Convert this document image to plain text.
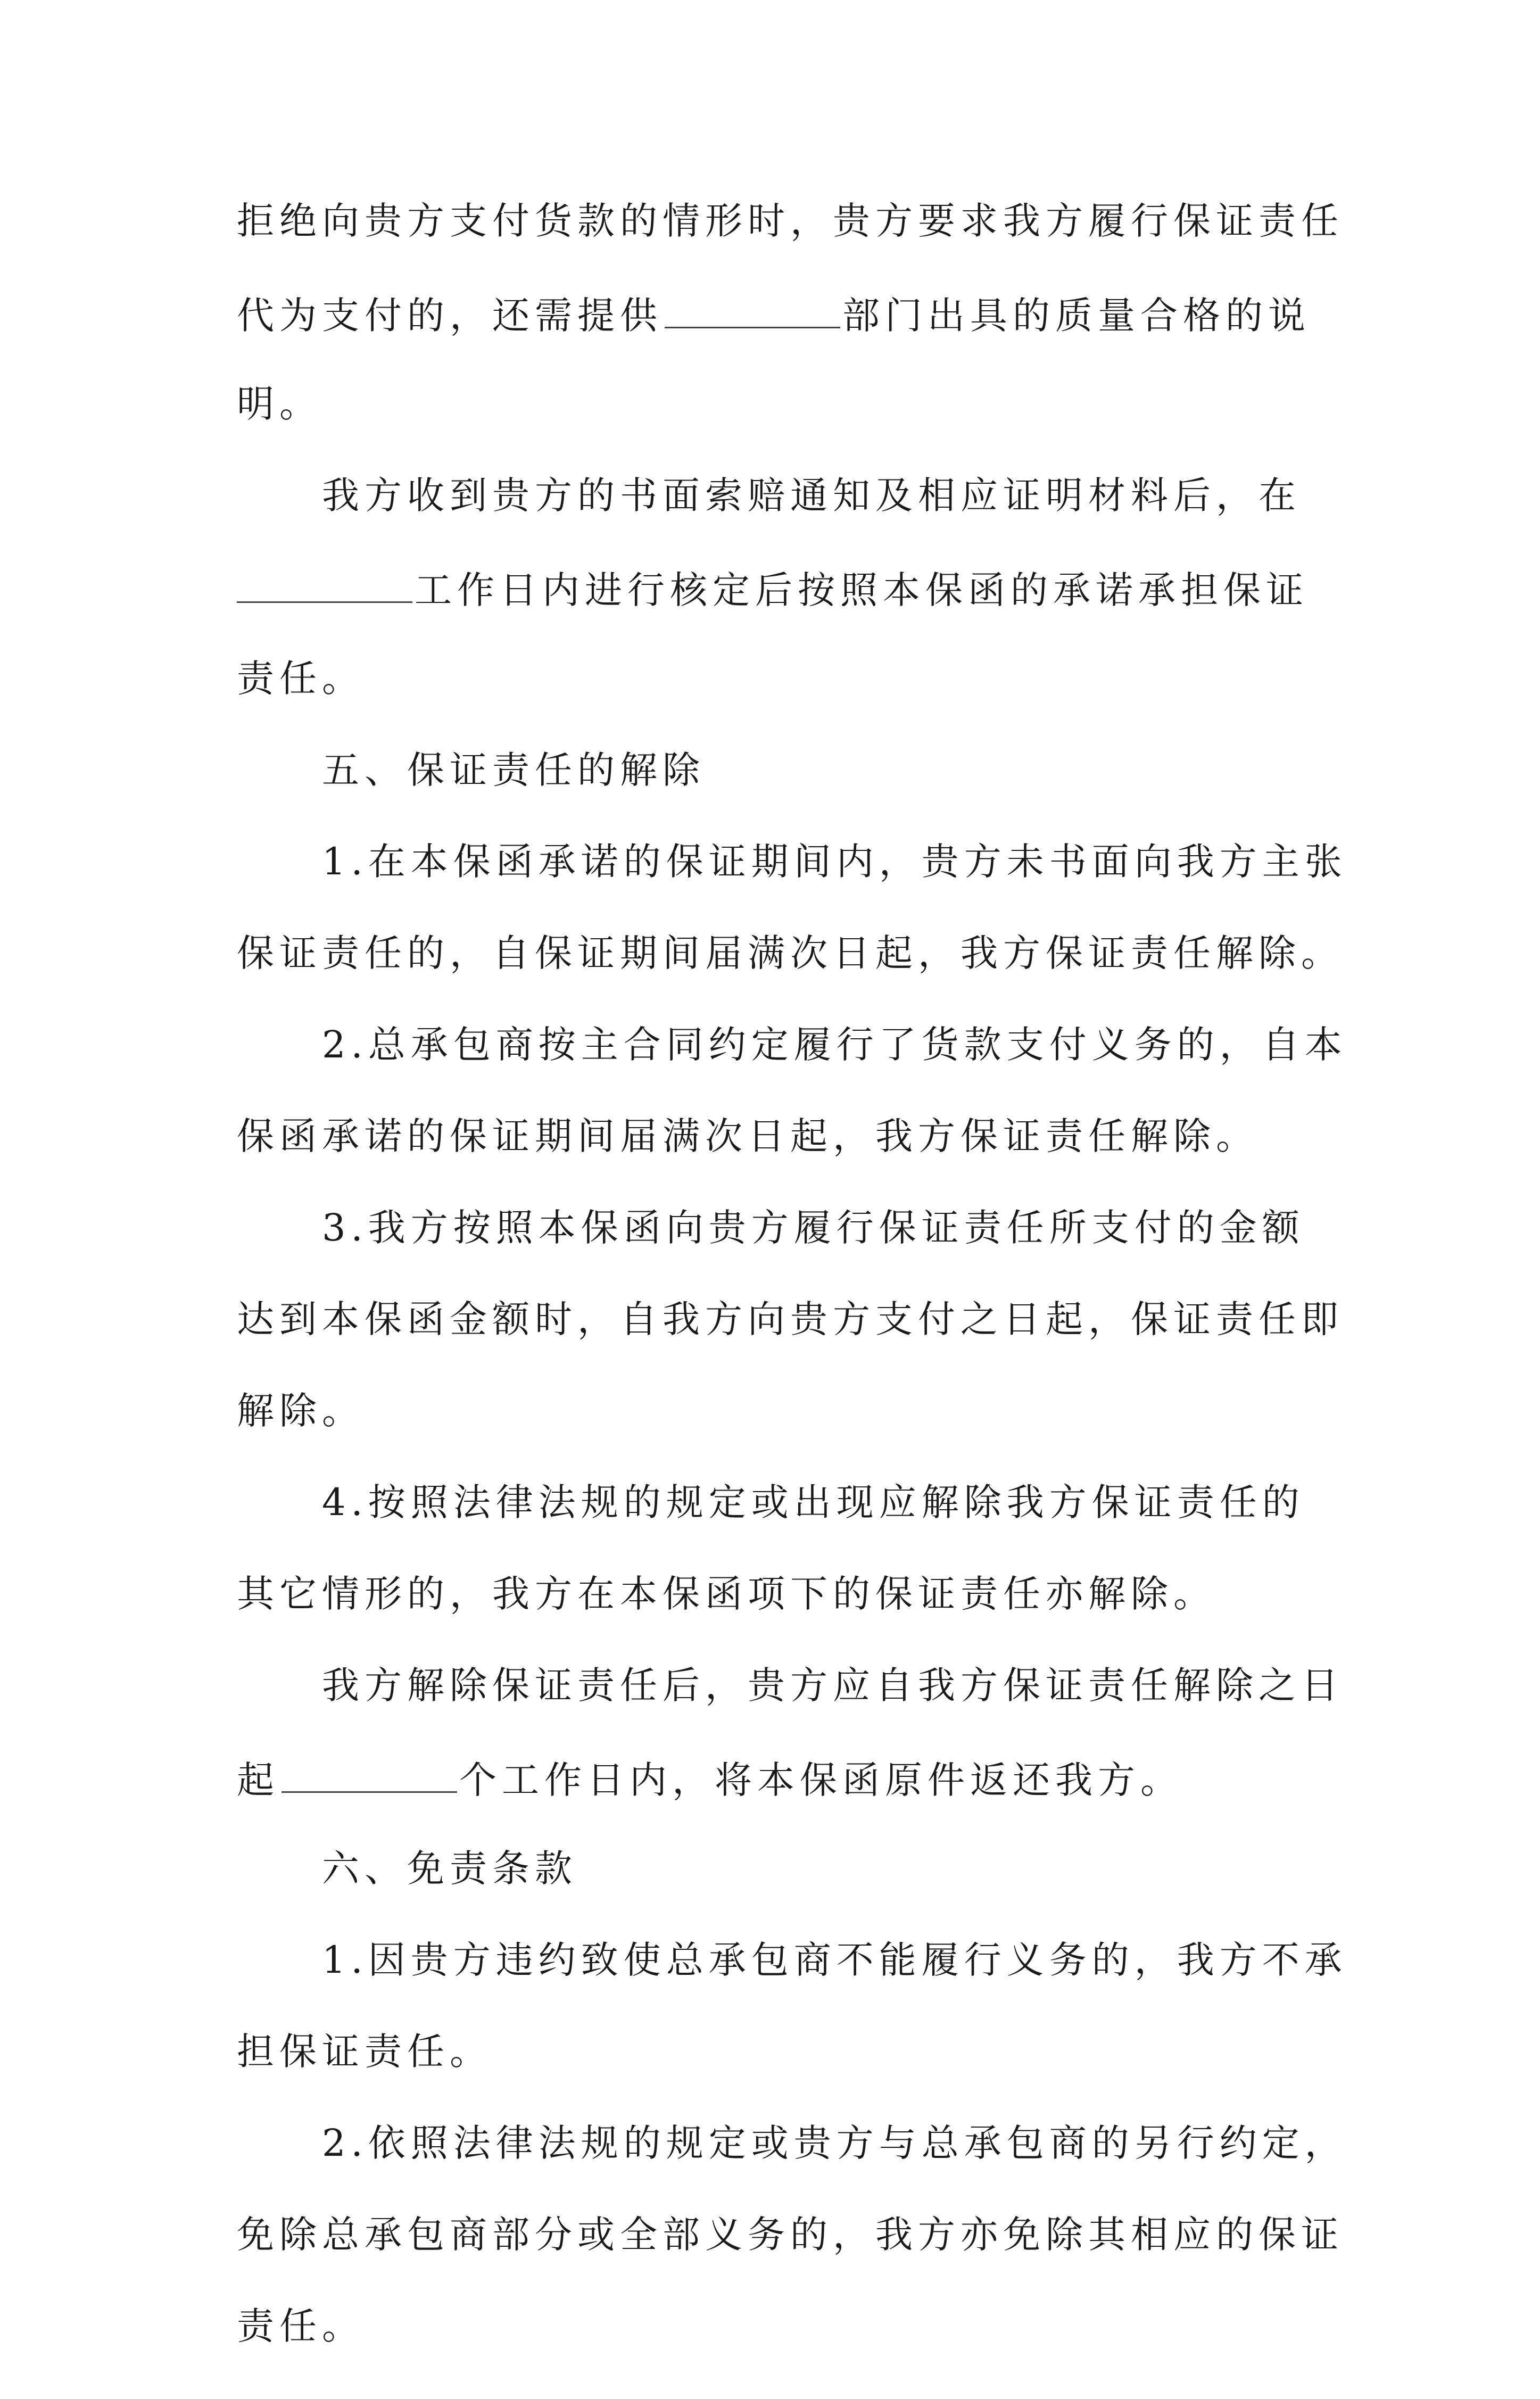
拒绝向贵方支付货款的情形时，贵方要求我方履行保证责任
代为支付的，还需提供	部门出具的质量合格的说
明。
我方收到贵方的书面索赔通知及相应证明材料后，在
工作日内进行核定后按照本保函的承诺承担保证
责任。
五、保证责任的解除
1.在本保函承诺的保证期间内，贵方未书面向我方主张
保证责任的，自保证期间届满次日起，我方保证责任解除。
2.总承包商按主合同约定履行了货款支付义务的，自本
保函承诺的保证期间届满次日起，我方保证责任解除。
3.我方按照本保函向贵方履行保证责任所支付的金额
达到本保函金额时，自我方向贵方支付之日起，保证责任即
解除。
4.按照法律法规的规定或出现应解除我方保证责任的
其它情形的，我方在本保函项下的保证责任亦解除。
我方解除保证责任后，贵方应自我方保证责任解除之日
起	个工作日内，将本保函原件返还我方。
六、免责条款
1.因贵方违约致使总承包商不能履行义务的，我方不承
担保证责任。
2.依照法律法规的规定或贵方与总承包商的另行约定，
免除总承包商部分或全部义务的，我方亦免除其相应的保证
责任。
